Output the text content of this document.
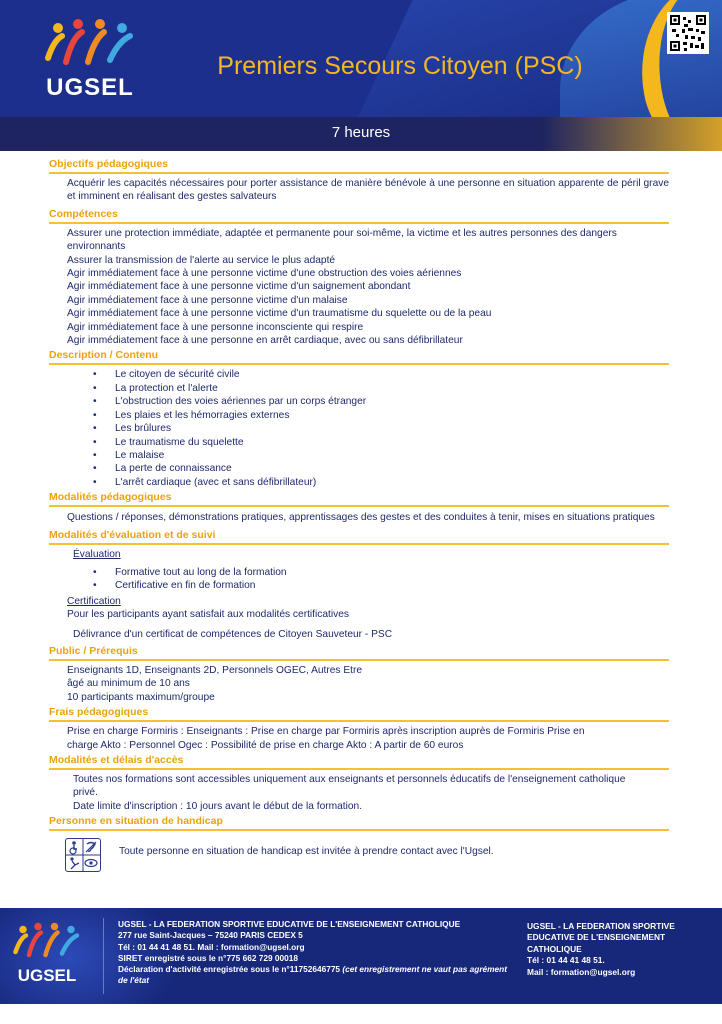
UGSEL
Premiers Secours Citoyen (PSC)
7 heures
Objectifs pédagogiques
Acquérir les capacités nécessaires pour porter assistance de manière bénévole à une personne en situation apparente de péril grave et imminent en réalisant des gestes salvateurs
Compétences
Assurer une protection immédiate, adaptée et permanente pour soi-même, la victime et les autres personnes des dangers environnants
Assurer la transmission de l'alerte au service le plus adapté
Agir immédiatement face à une personne victime d'une obstruction des voies aériennes
Agir immédiatement face à une personne victime d'un saignement abondant
Agir immédiatement face à une personne victime d'un malaise
Agir immédiatement face à une personne victime d'un traumatisme du squelette ou de la peau
Agir immédiatement face à une personne inconsciente qui respire
Agir immédiatement face à une personne en arrêt cardiaque, avec ou sans défibrillateur
Description / Contenu
• Le citoyen de sécurité civile
• La protection et l'alerte
• L'obstruction des voies aériennes par un corps étranger
• Les plaies et les hémorragies externes
• Les brûlures
• Le traumatisme du squelette
• Le malaise
• La perte de connaissance
• L'arrêt cardiaque (avec et sans défibrillateur)
Modalités pédagogiques
Questions / réponses, démonstrations pratiques, apprentissages des gestes et des conduites à tenir, mises en situations pratiques
Modalités d'évaluation et de suivi
Évaluation
• Formative tout au long de la formation
• Certificative en fin de formation
Certification
Pour les participants ayant satisfait aux modalités certificatives
Délivrance d'un certificat de compétences de Citoyen Sauveteur - PSC
Public / Prérequis
Enseignants 1D, Enseignants 2D, Personnels OGEC, Autres Etre
âgé au minimum de 10 ans
10 participants maximum/groupe
Frais pédagogiques
Prise en charge Formiris : Enseignants : Prise en charge par Formiris après inscription auprès de Formiris Prise en
charge Akto : Personnel Ogec : Possibilité de prise en charge Akto : A partir de 60 euros
Modalités et délais d'accès
Toutes nos formations sont accessibles uniquement aux enseignants et personnels éducatifs de l'enseignement catholique privé.
Date limite d'inscription : 10 jours avant le début de la formation.
Personne en situation de handicap
Toute personne en situation de handicap est invitée à prendre contact avec l'Ugsel.
UGSEL
UGSEL - LA FEDERATION SPORTIVE EDUCATIVE DE L'ENSEIGNEMENT CATHOLIQUE
277 rue Saint-Jacques – 75240 PARIS CEDEX 5
Tél : 01 44 41 48 51. Mail : formation@ugsel.org
SIRET enregistré sous le n°775 662 729 00018
Déclaration d'activité enregistrée sous le n°11752646775 (cet enregistrement ne vaut pas agrément de l'état
UGSEL - LA FEDERATION SPORTIVE EDUCATIVE DE L'ENSEIGNEMENT CATHOLIQUE
Tél : 01 44 41 48 51.
Mail : formation@ugsel.org
